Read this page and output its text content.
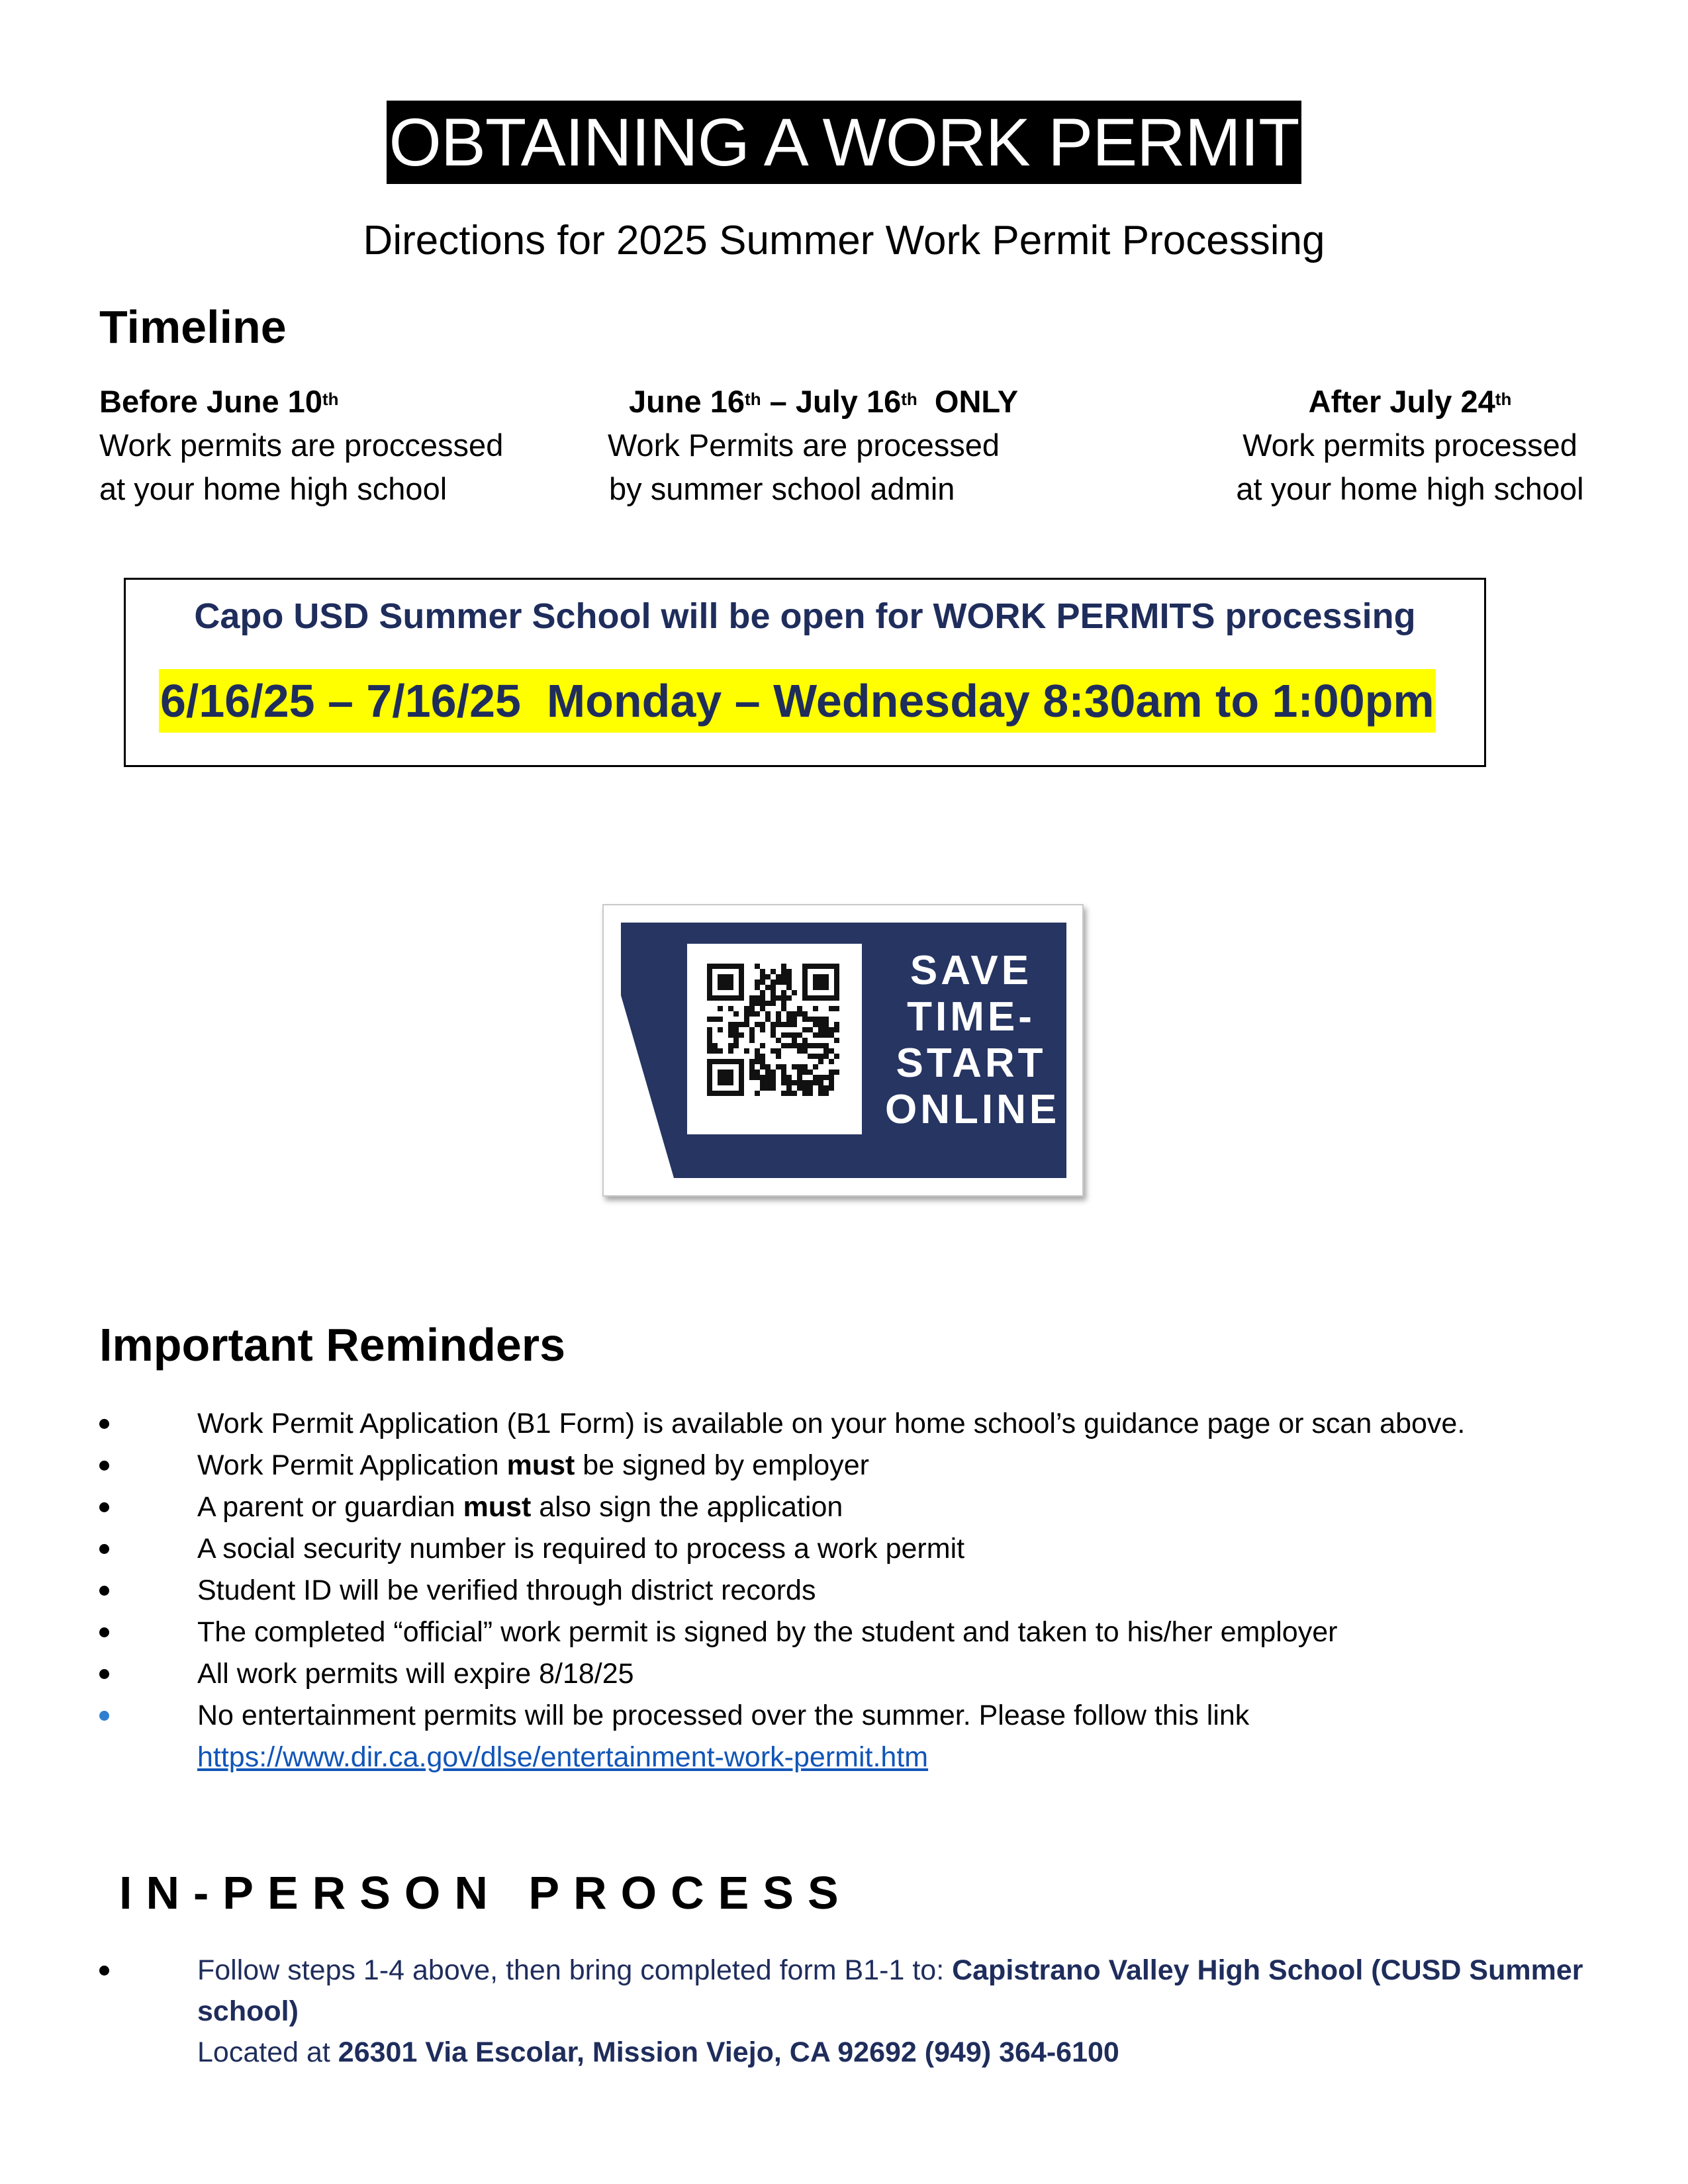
OBTAINING A WORK PERMIT
Directions for 2025 Summer Work Permit Processing
Timeline
Before June 10th
Work permits are proccessed
at your home high school
June 16th – July 16th  ONLY
Work Permits are processed
by summer school admin
After July 24th
Work permits processed
at your home high school
Capo USD Summer School will be open for WORK PERMITS processing
6/16/25 – 7/16/25  Monday – Wednesday 8:30am to 1:00pm
SAVE
TIME-
START
ONLINE
Important Reminders
Work Permit Application (B1 Form) is available on your home school’s guidance page or scan above.
Work Permit Application must be signed by employer
A parent or guardian must also sign the application
A social security number is required to process a work permit
Student ID will be verified through district records
The completed “official” work permit is signed by the student and taken to his/her employer
All work permits will expire 8/18/25
No entertainment permits will be processed over the summer. Please follow this link
https://www.dir.ca.gov/dlse/entertainment-work-permit.htm
IN-PERSON PROCESS
Follow steps 1-4 above, then bring completed form B1-1 to: Capistrano Valley High School (CUSD Summer school)
Located at 26301 Via Escolar, Mission Viejo, CA 92692 (949) 364-6100
